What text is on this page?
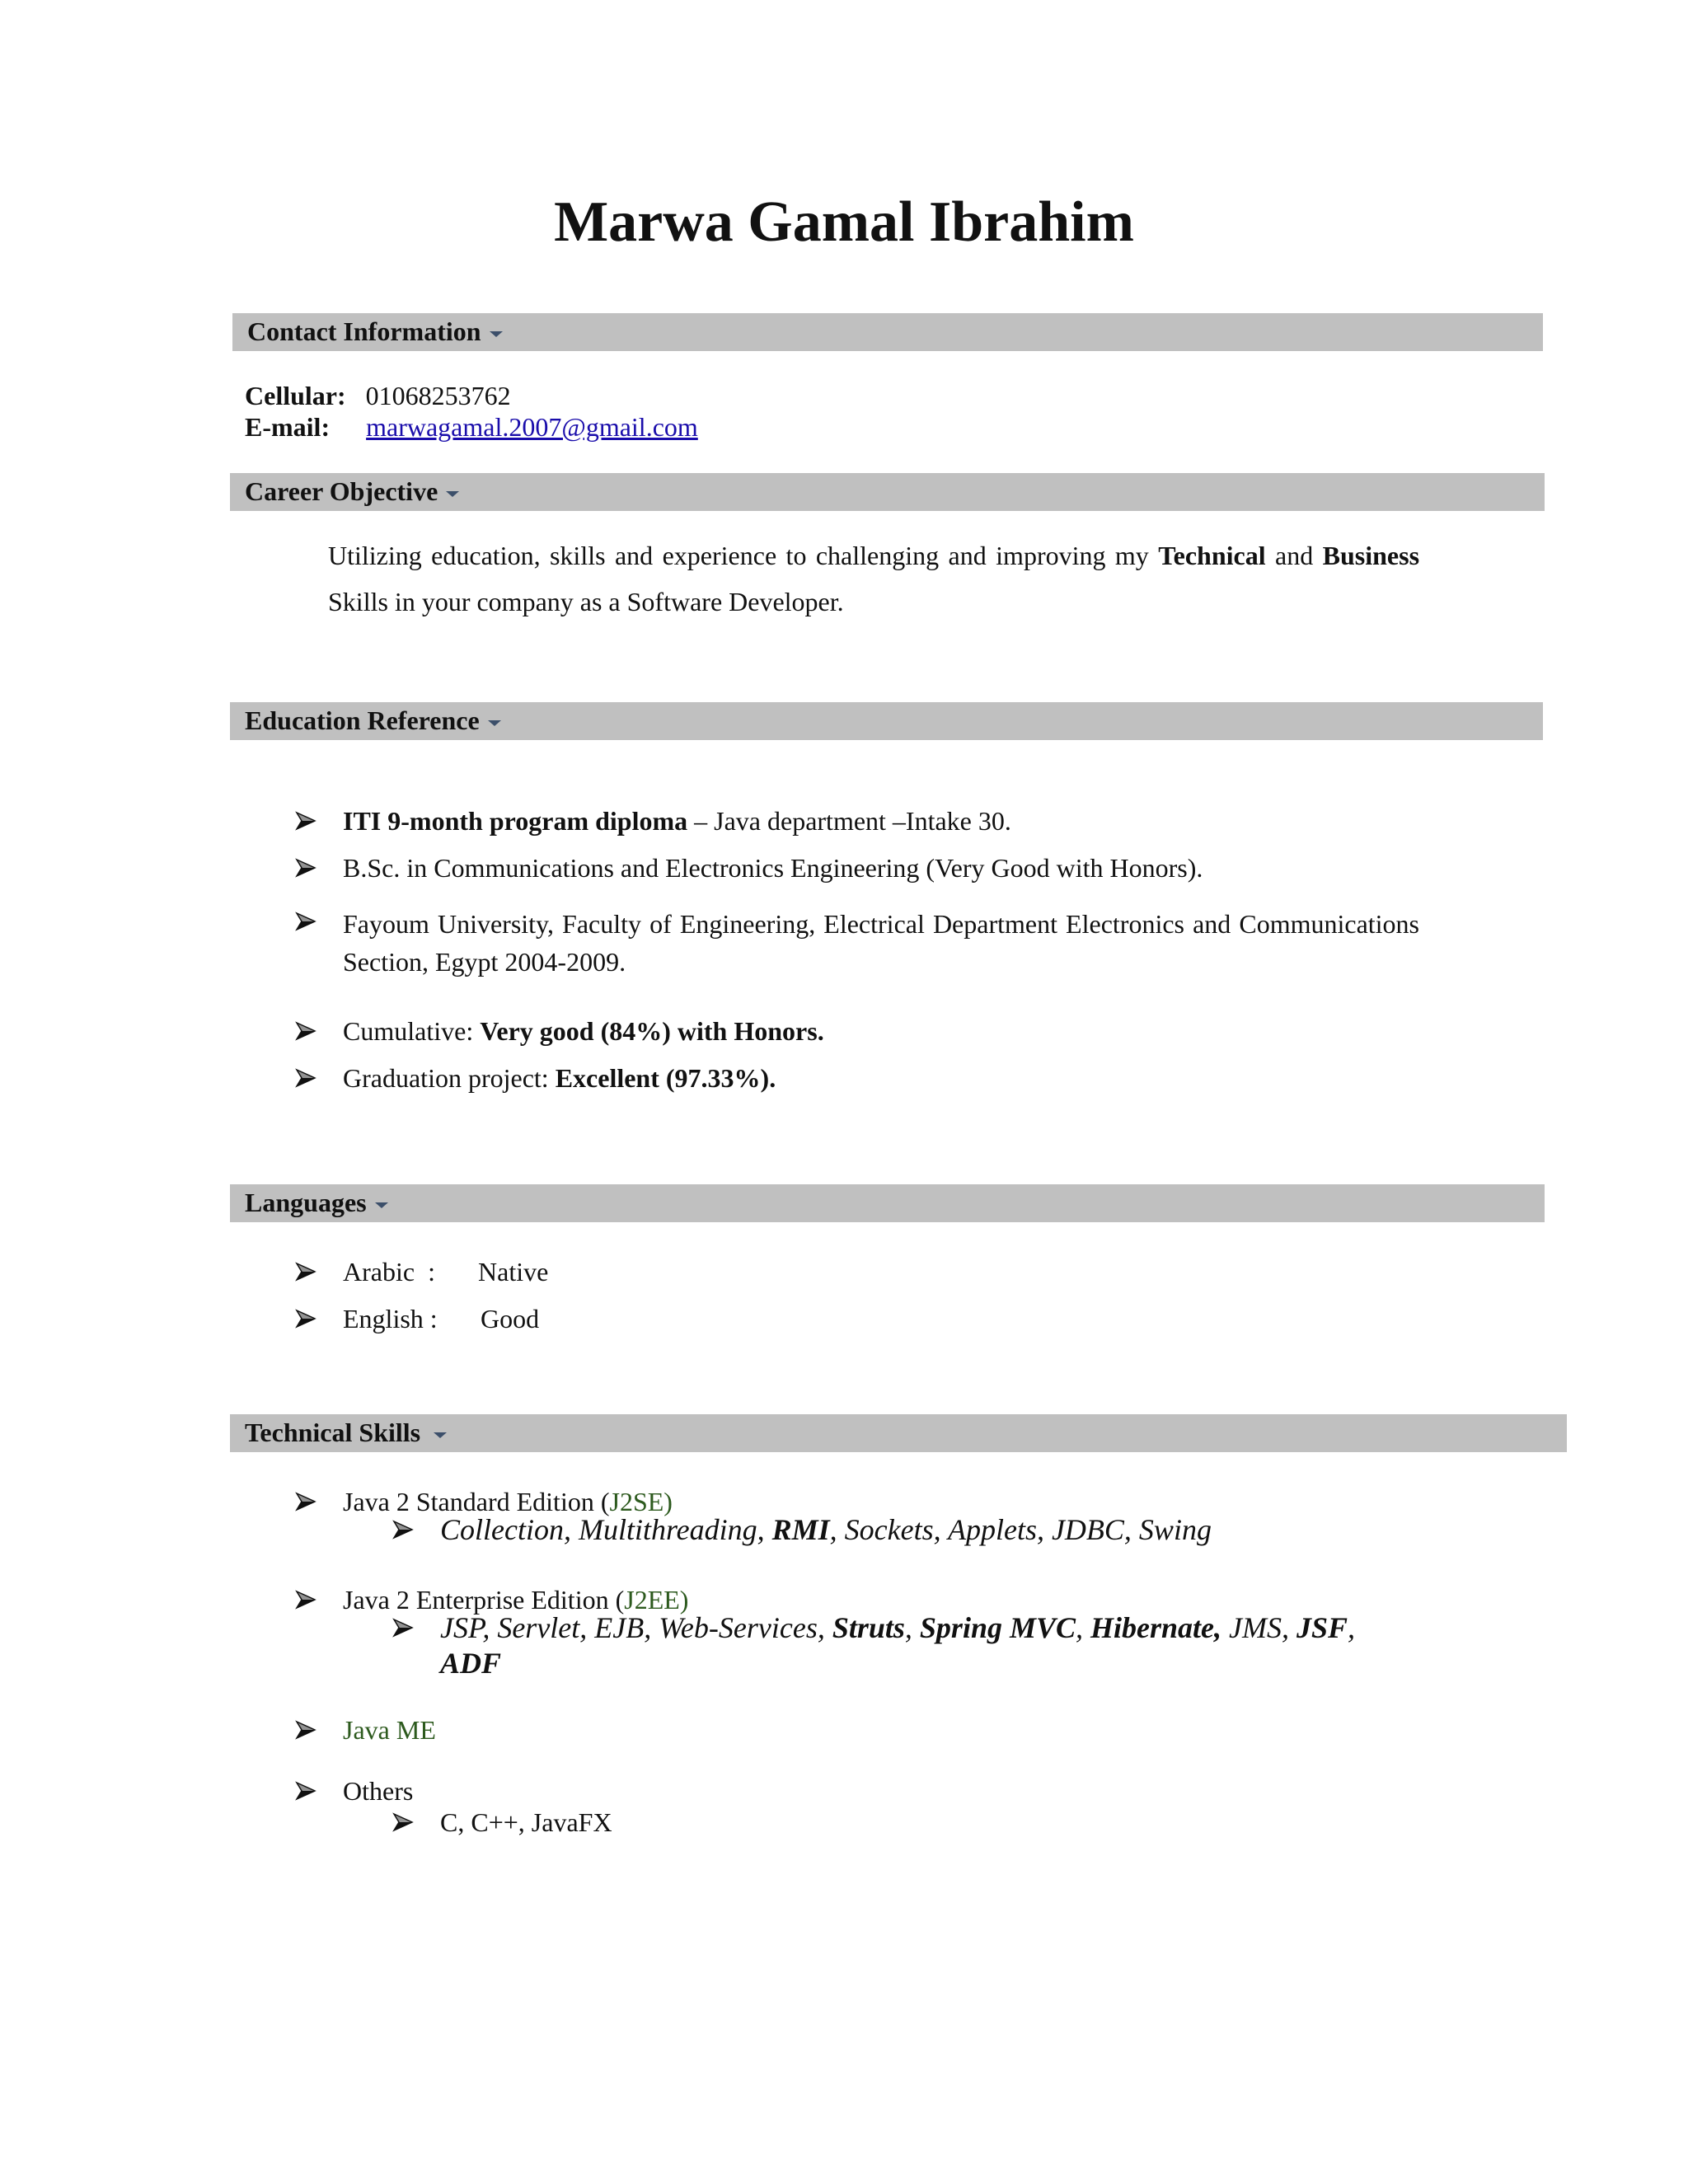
Marwa Gamal Ibrahim
Contact Information
Cellular: 01068253762
E-mail: marwagamal.2007@gmail.com
Career Objective
Utilizing education, skills and experience to challenging and improving my Technical and Business Skills in your company as a Software Developer.
Education Reference
ITI 9-month program diploma – Java department –Intake 30.
B.Sc. in Communications and Electronics Engineering (Very Good with Honors).
Fayoum University, Faculty of Engineering, Electrical Department Electronics and Communications Section, Egypt 2004-2009.
Cumulative: Very good (84%) with Honors.
Graduation project: Excellent (97.33%).
Languages
Arabic  : Native
English : Good
Technical Skills
Java 2 Standard Edition (J2SE)
Collection, Multithreading, RMI, Sockets, Applets, JDBC, Swing
Java 2 Enterprise Edition (J2EE)
JSP, Servlet, EJB, Web-Services, Struts, Spring MVC, Hibernate, JMS, JSF,
ADF
Java ME
Others
C, C++, JavaFX
